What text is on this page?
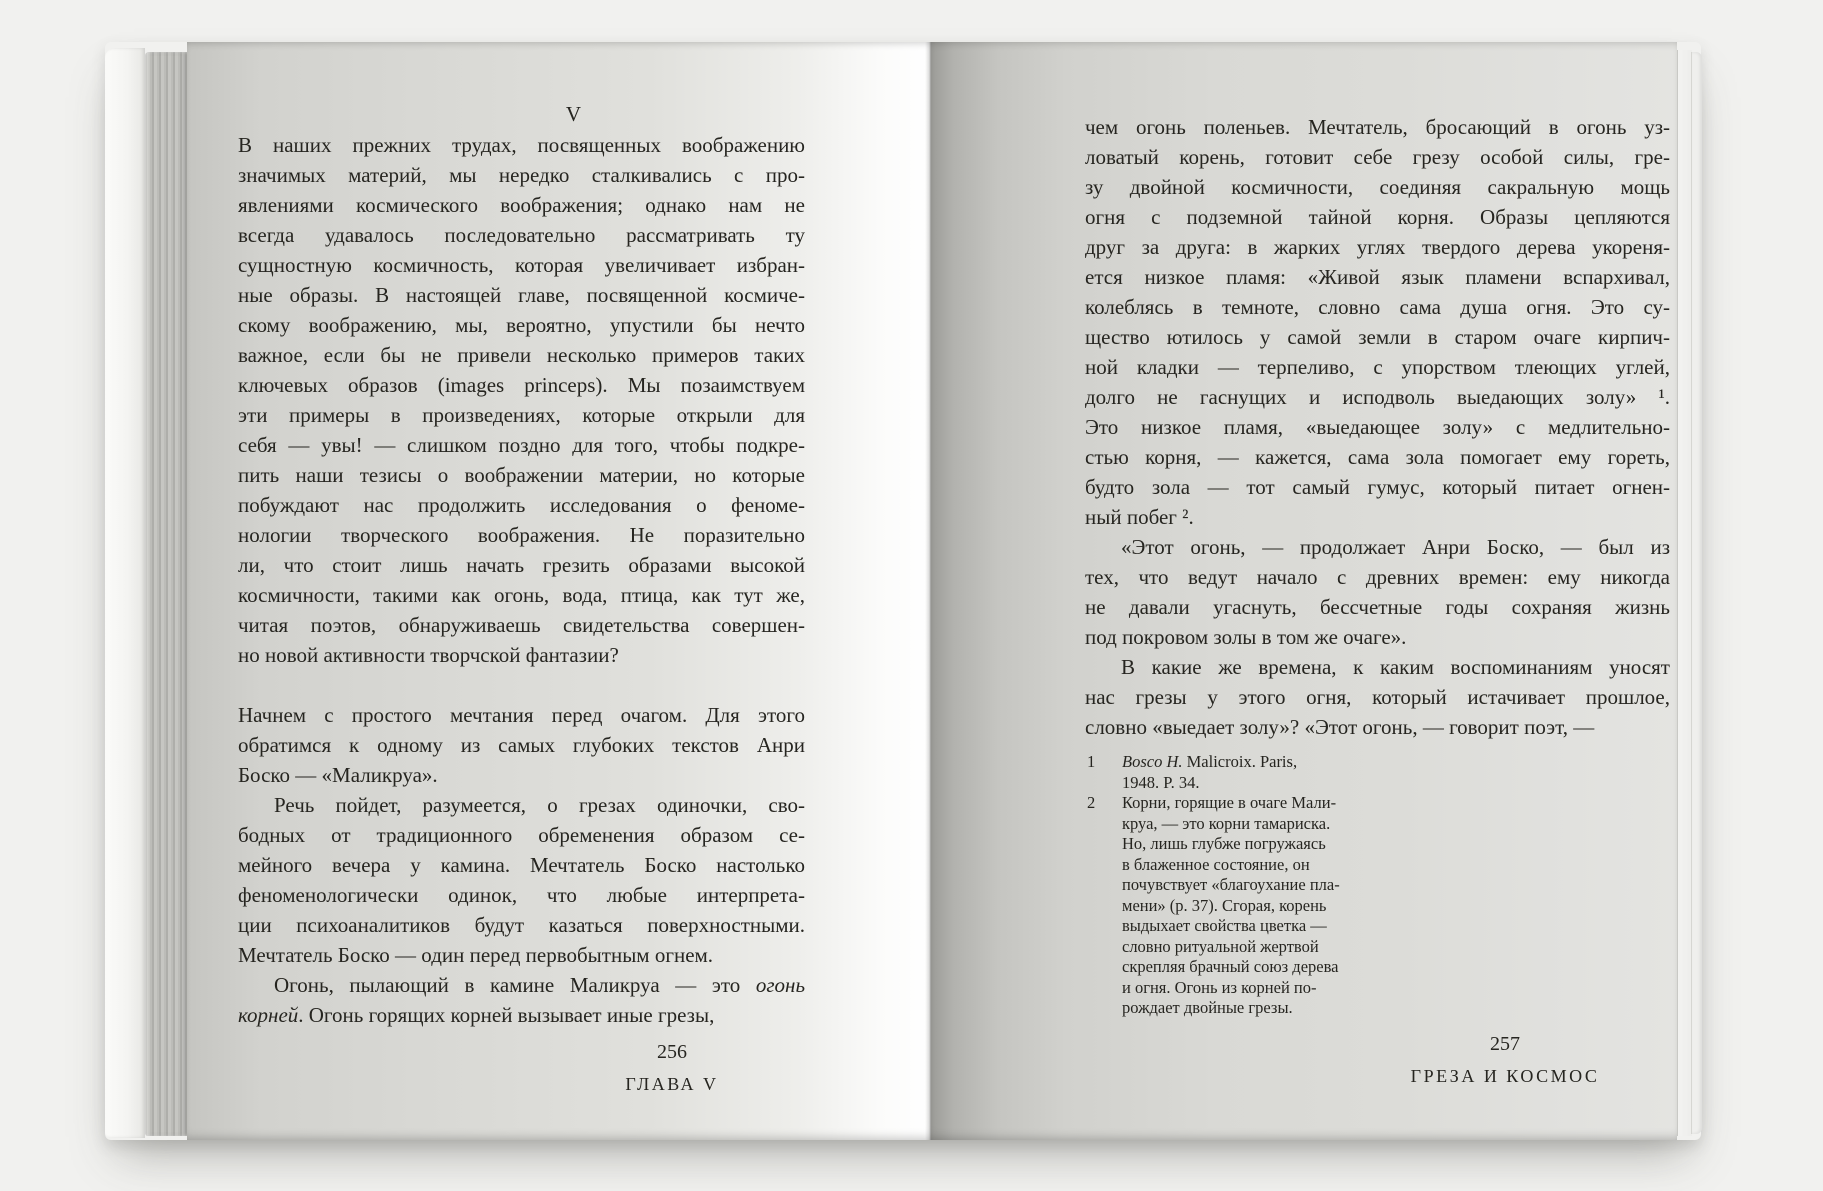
V
В наших прежних трудах, посвященных воображению
значимых материй, мы нередко сталкивались с про-
явлениями космического воображения; однако нам не
всегда удавалось последовательно рассматривать ту
сущностную космичность, которая увеличивает избран-
ные образы. В настоящей главе, посвященной космиче-
скому воображению, мы, вероятно, упустили бы нечто
важное, если бы не привели несколько примеров таких
ключевых образов (images princeps). Мы позаимствуем
эти примеры в произведениях, которые открыли для
себя — увы! — слишком поздно для того, чтобы подкре-
пить наши тезисы о воображении материи, но которые
побуждают нас продолжить исследования о феноме-
нологии творческого воображения. Не поразительно
ли, что стоит лишь начать грезить образами высокой
космичности, такими как огонь, вода, птица, как тут же,
читая поэтов, обнаруживаешь свидетельства совершен-
но новой активности творчской фантазии?
Начнем с простого мечтания перед очагом. Для этого
обратимся к одному из самых глубоких текстов Анри
Боско — «Маликруа».
Речь пойдет, разумеется, о грезах одиночки, сво-
бодных от традиционного обременения образом се-
мейного вечера у камина. Мечтатель Боско настолько
феноменологически одинок, что любые интерпрета-
ции психоаналитиков будут казаться поверхностными.
Мечтатель Боско — один перед первобытным огнем.
Огонь, пылающий в камине Маликруа — это огонь
корней. Огонь горящих корней вызывает иные грезы,
256
ГЛАВА V
чем огонь поленьев. Мечтатель, бросающий в огонь уз-
ловатый корень, готовит себе грезу особой силы, гре-
зу двойной космичности, соединяя сакральную мощь
огня с подземной тайной корня. Образы цепляются
друг за друга: в жарких углях твердого дерева укореня-
ется низкое пламя: «Живой язык пламени вспархивал,
колеблясь в темноте, словно сама душа огня. Это су-
щество ютилось у самой земли в старом очаге кирпич-
ной кладки — терпеливо, с упорством тлеющих углей,
долго не гаснущих и исподволь выедающих золу» ¹.
Это низкое пламя, «выедающее золу» с медлительно-
стью корня, — кажется, сама зола помогает ему гореть,
будто зола — тот самый гумус, который питает огнен-
ный побег ².
«Этот огонь, — продолжает Анри Боско, — был из
тех, что ведут начало с древних времен: ему никогда
не давали угаснуть, бессчетные годы сохраняя жизнь
под покровом золы в том же очаге».
В какие же времена, к каким воспоминаниям уносят
нас грезы у этого огня, который истачивает прошлое,
словно «выедает золу»? «Этот огонь, — говорит поэт, —
1 Bosco H. Malicroix. Paris,
1948. P. 34.
2 Корни, горящие в очаге Мали-
круа, — это корни тамариска.
Но, лишь глубже погружаясь
в блаженное состояние, он
почувствует «благоухание пла-
мени» (p. 37). Сгорая, корень
выдыхает свойства цветка —
словно ритуальной жертвой
скрепляя брачный союз дерева
и огня. Огонь из корней по-
рождает двойные грезы.
257
ГРЕЗА И КОСМОС
